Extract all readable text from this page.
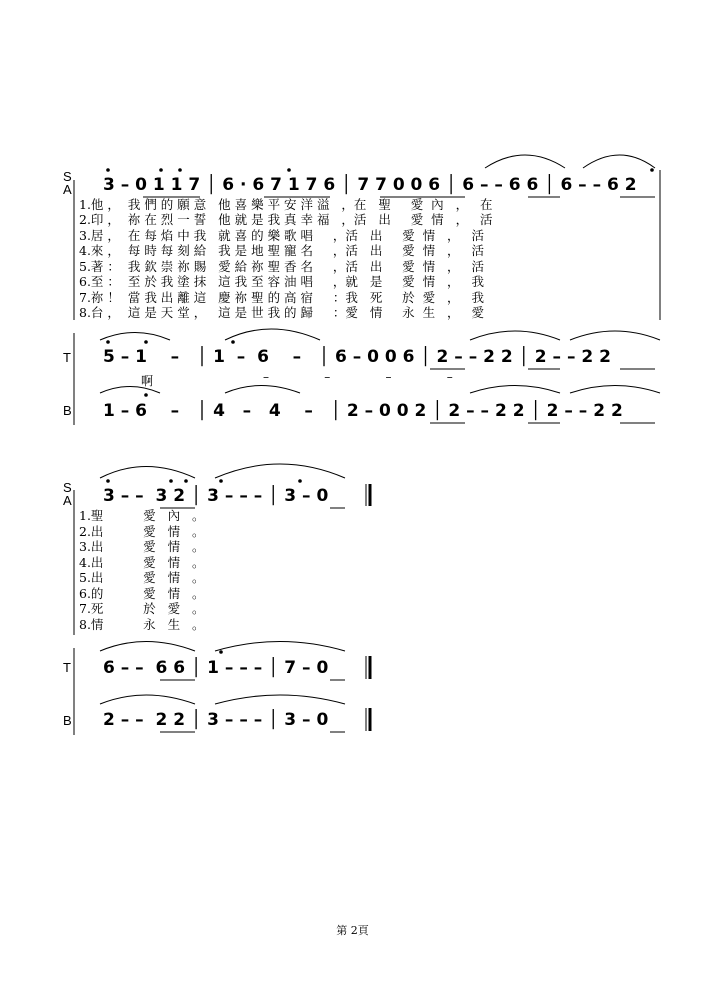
S
A 3 – 0 1 1 7 │ 6 · 6 7 1 7 6 │ 7 7 0 0 6 │ 6 – – 6 6 │ 6 – – 6 2
1.他 ，  我 們 的 願 意   他 喜 樂 平 安 洋 溢   ，在   聖     愛  內   ，   在
2.印 ，  祢 在 烈 一 誓   他 就 是 我 真 幸 福   ，活   出     愛  情   ，   活
3.居 ，  在 每 焰 中 我   就 喜 的 樂 歌 唱     ，活   出     愛  情   ，   活
4.來 ，  每 時 每 刻 給   我 是 地 聖 寵 名     ，活   出     愛  情   ，   活
5.著 ：  我 欽 崇 祢 賜   愛 給 祢 聖 香 名     ，活   出     愛  情   ，   活
6.至 ：  至 於 我 塗 抹   這 我 至 容 油 唱     ，就   是     愛  情   ，   我
7.祢 ！  當 我 出 離 這   慶 祢 聖 的 高 宿     ：我   死     於  愛   ，   我
8.台 ，  這 是 天 堂 ，   這 是 世 我 的 歸     ：愛   情     永  生   ，   愛
T 5 – 1    –   │ 1  –  6    –   │ 6 – 0 0 6 │ 2 – – 2 2 │ 2 – – 2 2
啊	–    –    –    –
B 1 – 6    –   │ 4   –   4    –   │ 2 – 0 0 2 │ 2 – – 2 2 │ 2 – – 2 2
S
A 3 – –  3 2 │ 3 – – – │ 3 – 0
1.聖          愛   內   。
2.出          愛   情   。
3.出          愛   情   。
4.出          愛   情   。
5.出          愛   情   。
6.的          愛   情   。
7.死          於   愛   。
8.情          永   生   。
T 6 – –  6 6 │ 1 – – – │ 7 – 0
B 2 – –  2 2 │ 3 – – – │ 3 – 0
第 2頁
